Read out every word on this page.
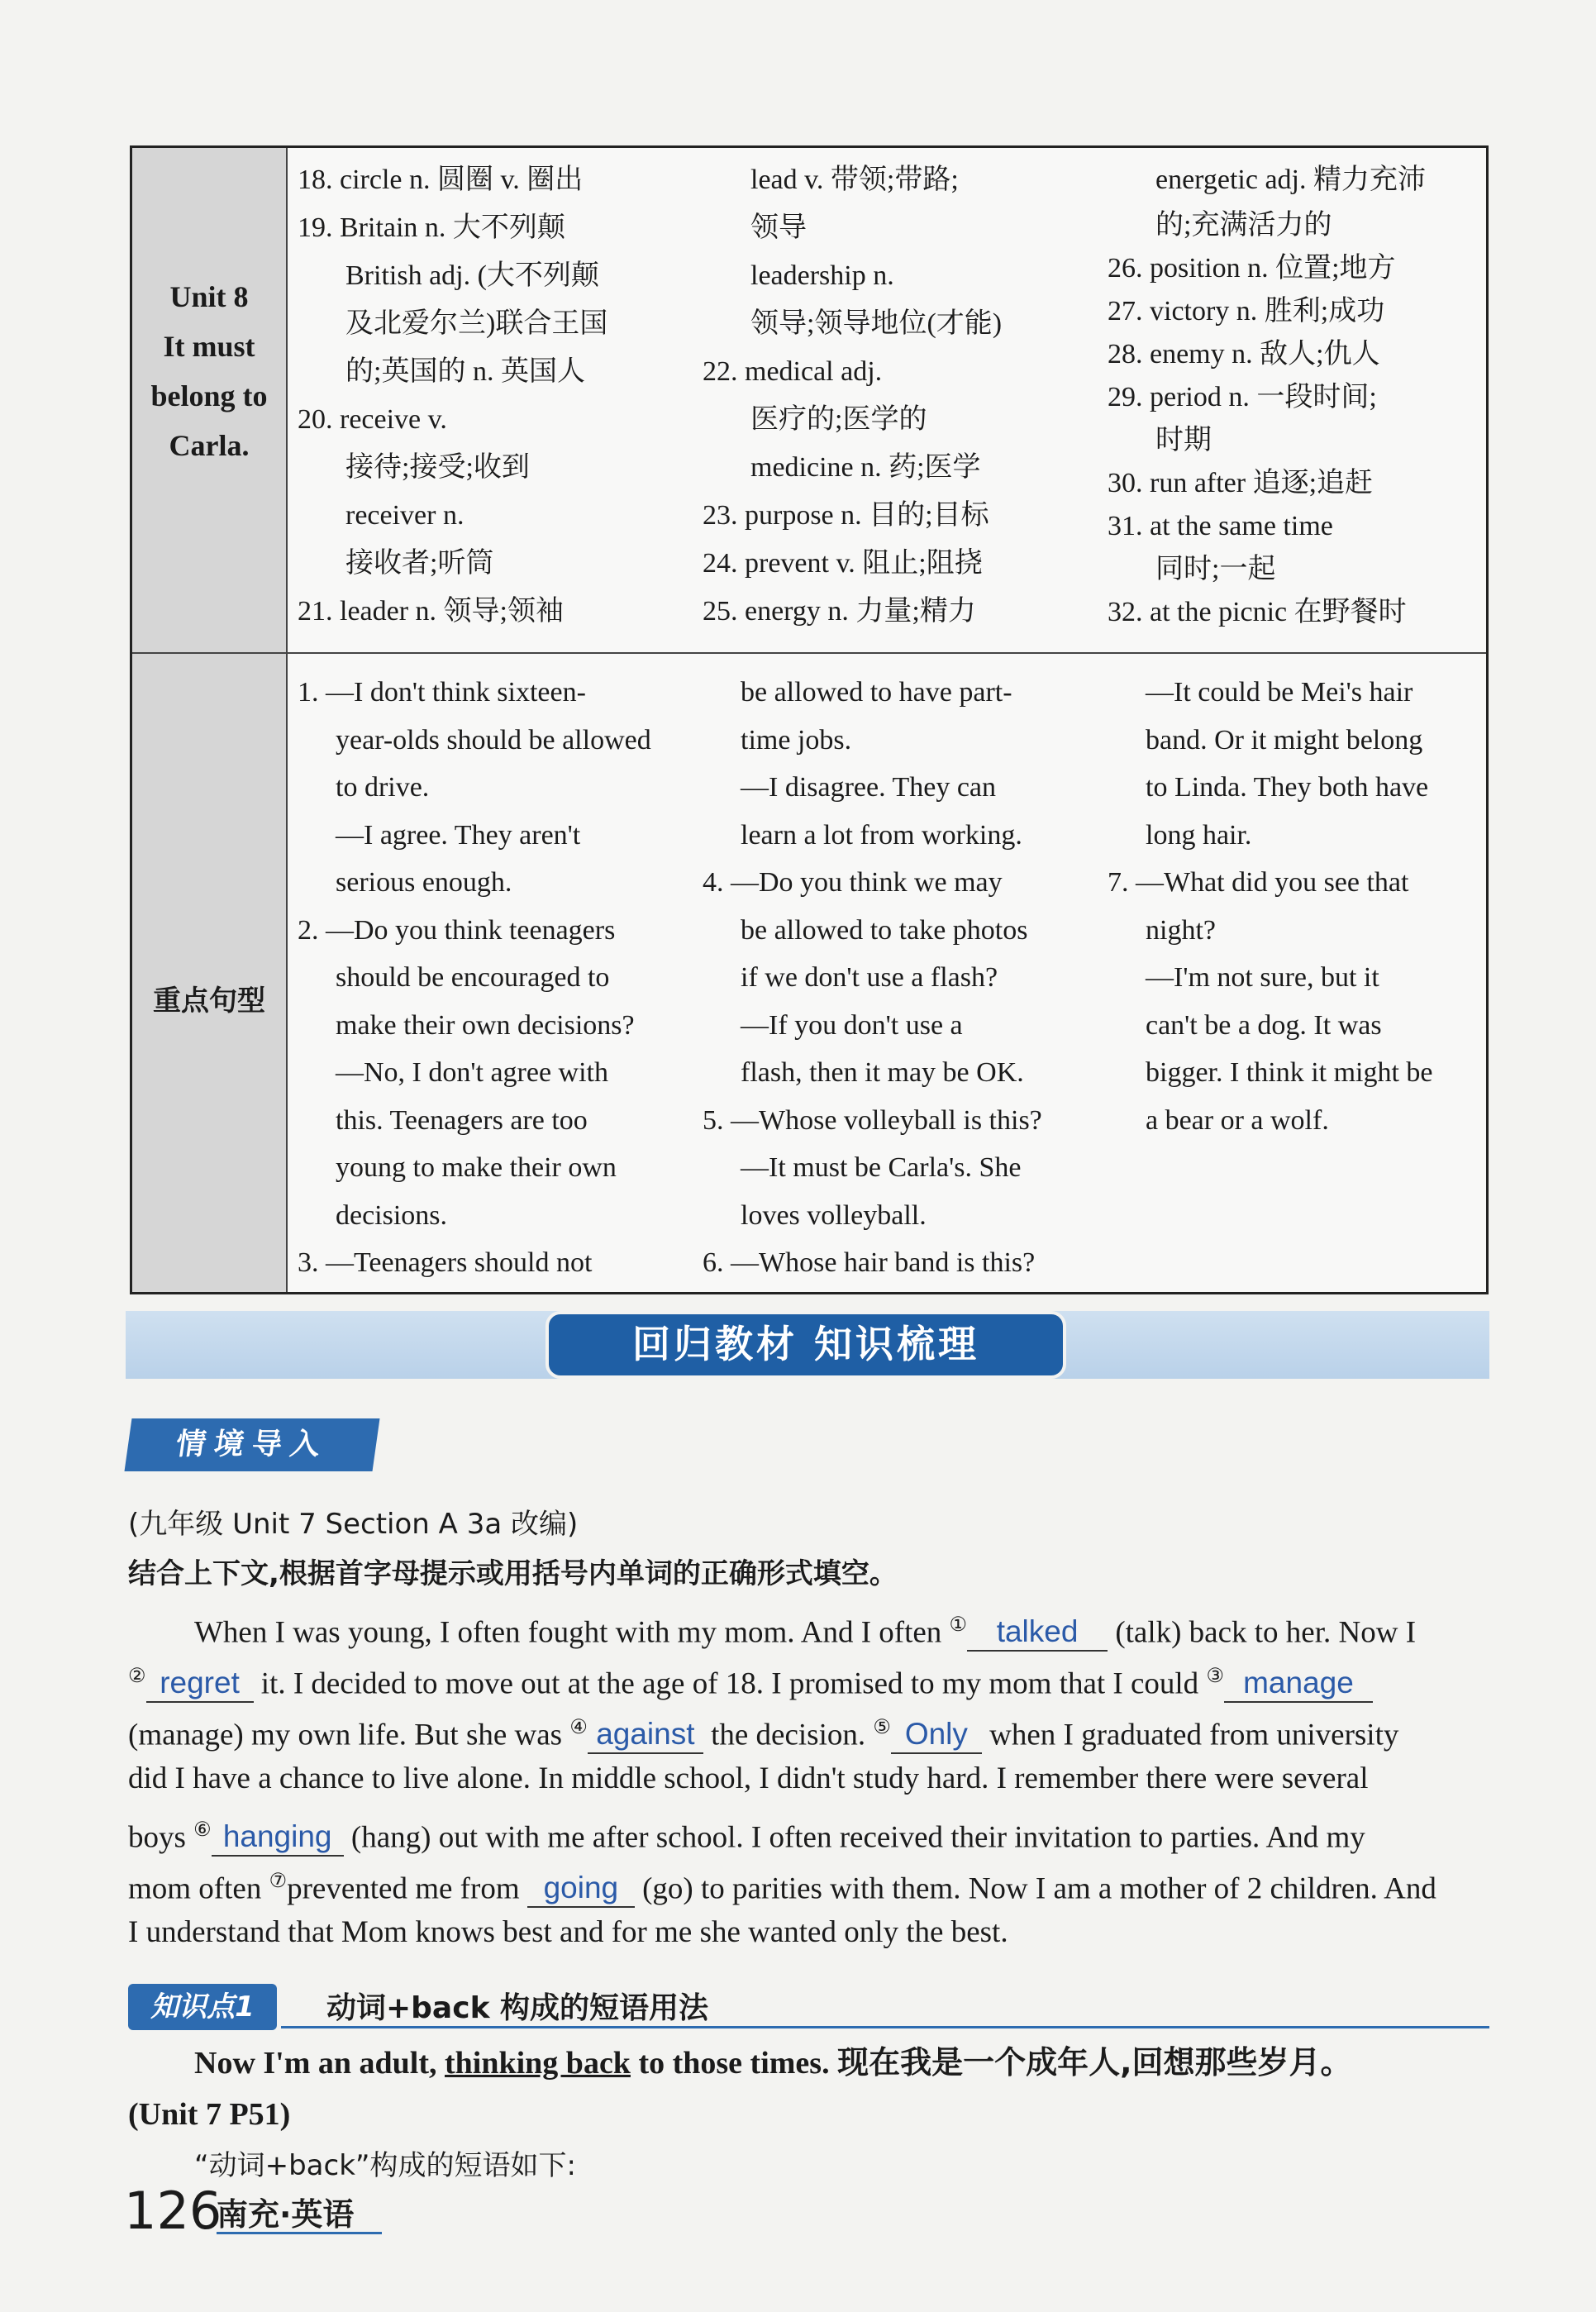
Unit 8
It must
belong to
Carla.
重点句型
18. circle n. 圆圈 v. 圈出
19. Britain n. 大不列颠
British adj. (大不列颠
及北爱尔兰)联合王国
的;英国的 n. 英国人
20. receive v.
接待;接受;收到
receiver n.
接收者;听筒
21. leader n. 领导;领袖
lead v. 带领;带路;
领导
leadership n.
领导;领导地位(才能)
22. medical adj.
医疗的;医学的
medicine n. 药;医学
23. purpose n. 目的;目标
24. prevent v. 阻止;阻挠
25. energy n. 力量;精力
energetic adj. 精力充沛
的;充满活力的
26. position n. 位置;地方
27. victory n. 胜利;成功
28. enemy n. 敌人;仇人
29. period n. 一段时间;
时期
30. run after 追逐;追赶
31. at the same time
同时;一起
32. at the picnic 在野餐时
1. —I don't think sixteen-
year-olds should be allowed
to drive.
—I agree. They aren't
serious enough.
2. —Do you think teenagers
should be encouraged to
make their own decisions?
—No, I don't agree with
this. Teenagers are too
young to make their own
decisions.
3. —Teenagers should not
be allowed to have part-
time jobs.
—I disagree. They can
learn a lot from working.
4. —Do you think we may
be allowed to take photos
if we don't use a flash?
—If you don't use a
flash, then it may be OK.
5. —Whose volleyball is this?
—It must be Carla's. She
loves volleyball.
6. —Whose hair band is this?
—It could be Mei's hair
band. Or it might belong
to Linda. They both have
long hair.
7. —What did you see that
night?
—I'm not sure, but it
can't be a dog. It was
bigger. I think it might be
a bear or a wolf.
回归教材 知识梳理
情境导入
(九年级 Unit 7 Section A 3a 改编)
结合上下文,根据首字母提示或用括号内单词的正确形式填空。
When I was young, I often fought with my mom. And I often ① talked (talk) back to her. Now I
② regret it. I decided to move out at the age of 18. I promised to my mom that I could ③ manage
(manage) my own life. But she was ④ against the decision. ⑤ Only when I graduated from university
did I have a chance to live alone. In middle school, I didn't study hard. I remember there were several
boys ⑥ hanging (hang) out with me after school. I often received their invitation to parties. And my
mom often ⑦prevented me from going (go) to parities with them. Now I am a mother of 2 children. And
I understand that Mom knows best and for me she wanted only the best.
知识点1	动词+back 构成的短语用法
Now I'm an adult, thinking back to those times. 现在我是一个成年人,回想那些岁月。
(Unit 7 P51)
“动词+back”构成的短语如下:
126
南充·英语
